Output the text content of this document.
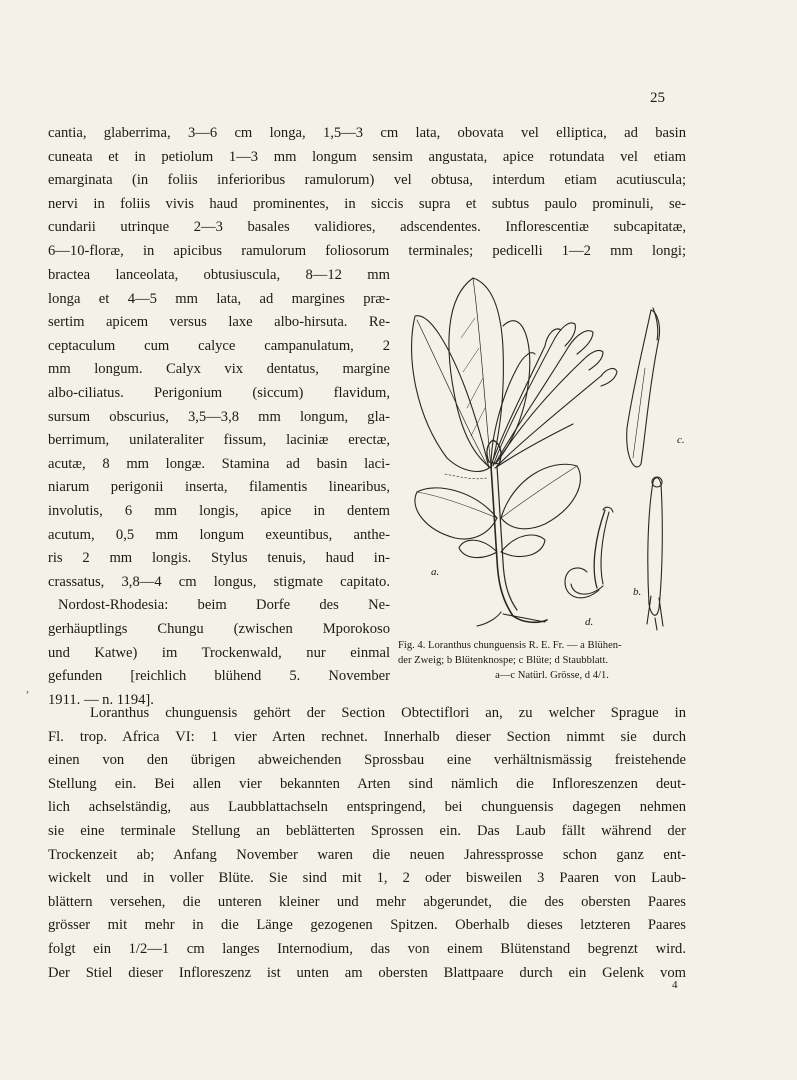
25
cantia, glaberrima, 3—6 cm longa, 1,5—3 cm lata, obovata vel elliptica, ad basin
cuneata et in petiolum 1—3 mm longum sensim angustata, apice rotundata vel etiam
emarginata (in foliis inferioribus ramulorum) vel obtusa, interdum etiam acutiuscula;
nervi in foliis vivis haud prominentes, in siccis supra et subtus paulo prominuli, se-
cundarii utrinque 2—3 basales validiores, adscendentes. Inflorescentiæ subcapitatæ,
6—10-floræ, in apicibus ramulorum foliosorum terminales; pedicelli 1—2 mm longi;
bractea lanceolata, obtusiuscula, 8—12 mm
longa et 4—5 mm lata, ad margines præ-
sertim apicem versus laxe albo-hirsuta. Re-
ceptaculum cum calyce campanulatum, 2
mm longum. Calyx vix dentatus, margine
albo-ciliatus. Perigonium (siccum) flavidum,
sursum obscurius, 3,5—3,8 mm longum, gla-
berrimum, unilateraliter fissum, laciniæ erectæ,
acutæ, 8 mm longæ. Stamina ad basin laci-
niarum perigonii inserta, filamentis linearibus,
involutis, 6 mm longis, apice in dentem
acutum, 0,5 mm longum exeuntibus, anthe-
ris 2 mm longis. Stylus tenuis, haud in-
crassatus, 3,8—4 cm longus, stigmate capitato.
Nordost-Rhodesia: beim Dorfe des Ne-
gerhäuptlings Chungu (zwischen Mporokoso
und Katwe) im Trockenwald, nur einmal
gefunden [reichlich blühend 5. November
1911. — n. 1194].
a.
b.
c.
d.
Fig. 4. Loranthus chunguensis R. E. Fr. — a Blühen-
der Zweig; b Blütenknospe; c Blüte; d Staubblatt.
a—c Natürl. Grösse, d 4/1.
,
Loranthus chunguensis gehört der Section Obtectiflori an, zu welcher Sprague in
Fl. trop. Africa VI: 1 vier Arten rechnet. Innerhalb dieser Section nimmt sie durch
einen von den übrigen abweichenden Sprossbau eine verhältnismässig freistehende
Stellung ein. Bei allen vier bekannten Arten sind nämlich die Infloreszenzen deut-
lich achselständig, aus Laubblattachseln entspringend, bei chunguensis dagegen nehmen
sie eine terminale Stellung an beblätterten Sprossen ein. Das Laub fällt während der
Trockenzeit ab; Anfang November waren die neuen Jahressprosse schon ganz ent-
wickelt und in voller Blüte. Sie sind mit 1, 2 oder bisweilen 3 Paaren von Laub-
blättern versehen, die unteren kleiner und mehr abgerundet, die des obersten Paares
grösser mit mehr in die Länge gezogenen Spitzen. Oberhalb dieses letzteren Paares
folgt ein 1/2—1 cm langes Internodium, das von einem Blütenstand begrenzt wird.
Der Stiel dieser Infloreszenz ist unten am obersten Blattpaare durch ein Gelenk vom
4
